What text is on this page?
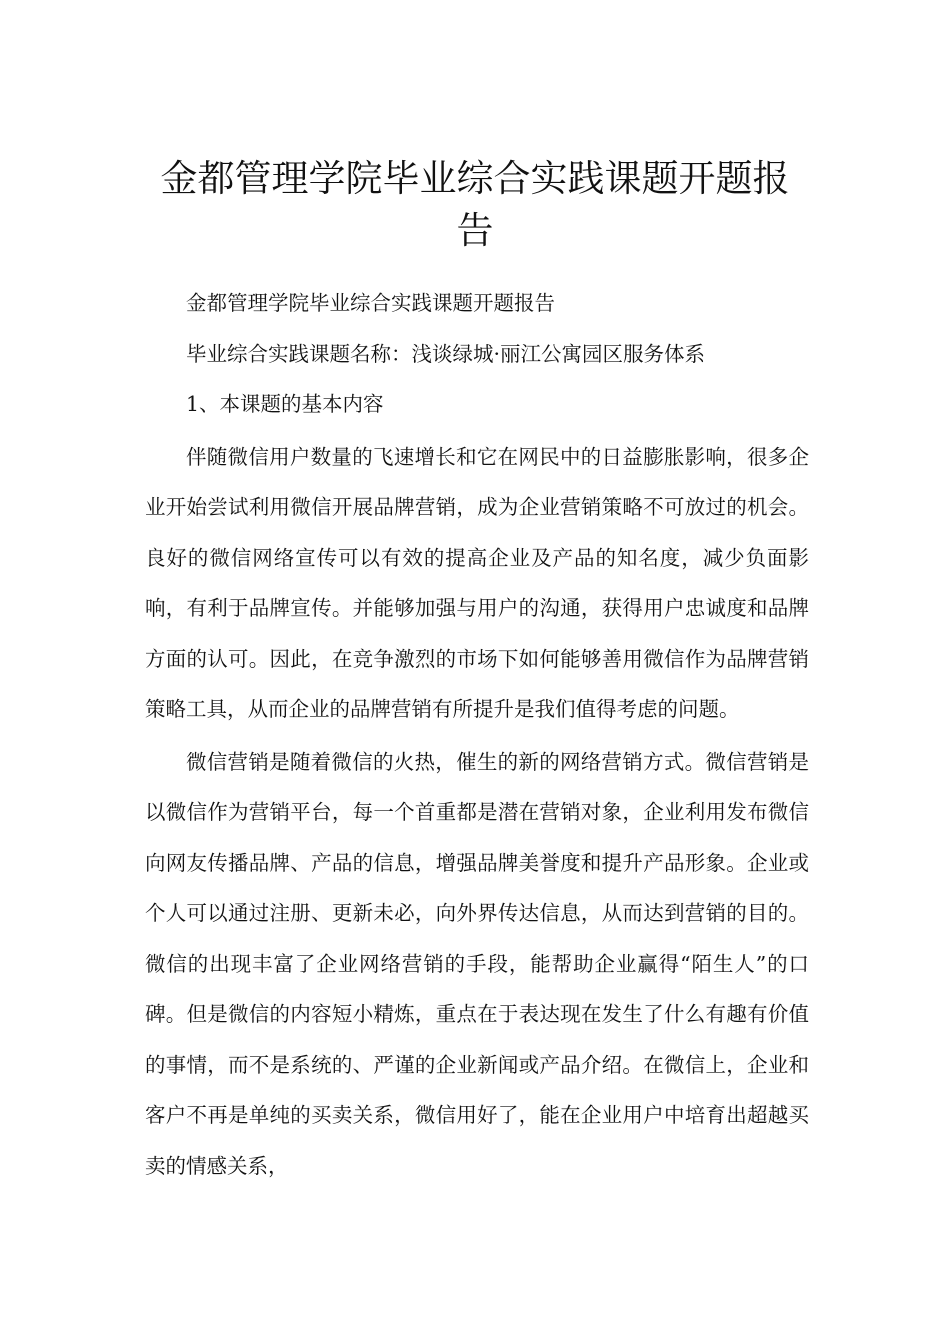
金都管理学院毕业综合实践课题开题报
告

金都管理学院毕业综合实践课题开题报告

毕业综合实践课题名称：浅谈绿城·丽江公寓园区服务体系

1、本课题的基本内容

伴随微信用户数量的飞速增长和它在网民中的日益膨胀影响，很多企业开始尝试利用微信开展品牌营销，成为企业营销策略不可放过的机会。良好的微信网络宣传可以有效的提高企业及产品的知名度，减少负面影响，有利于品牌宣传。并能够加强与用户的沟通，获得用户忠诚度和品牌方面的认可。因此，在竞争激烈的市场下如何能够善用微信作为品牌营销策略工具，从而企业的品牌营销有所提升是我们值得考虑的问题。

微信营销是随着微信的火热，催生的新的网络营销方式。微信营销是以微信作为营销平台，每一个首重都是潜在营销对象，企业利用发布微信向网友传播品牌、产品的信息，增强品牌美誉度和提升产品形象。企业或个人可以通过注册、更新未必，向外界传达信息，从而达到营销的目的。微信的出现丰富了企业网络营销的手段，能帮助企业赢得“陌生人”的口碑。但是微信的内容短小精炼，重点在于表达现在发生了什么有趣有价值的事情，而不是系统的、严谨的企业新闻或产品介绍。在微信上，企业和客户不再是单纯的买卖关系，微信用好了，能在企业用户中培育出超越买卖的情感关系，
